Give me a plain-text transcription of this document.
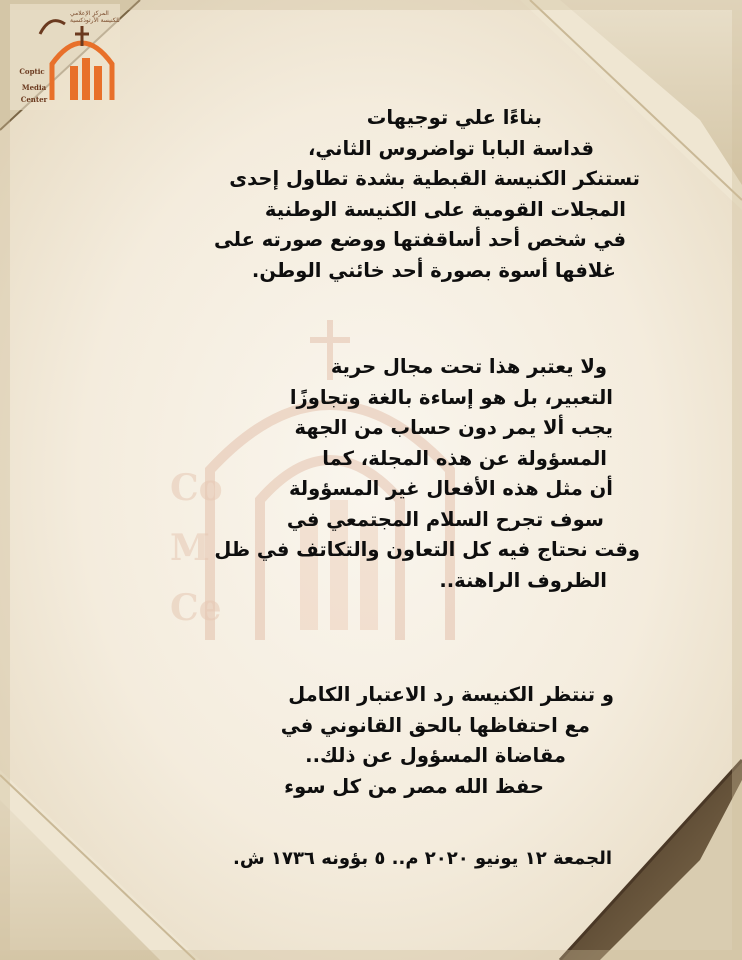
Co
M
Ce
المركز الإعلامي للكنيسة الأرثوذكسية
Coptic
Media
Center
بناءًا علي توجيهات
قداسة البابا تواضروس الثاني،
تستنكر الكنيسة القبطية بشدة تطاول إحدى
المجلات القومية على الكنيسة الوطنية
في شخص أحد أساقفتها ووضع صورته على
غلافها أسوة بصورة أحد خائني الوطن.
ولا يعتبر هذا تحت مجال حرية
التعبير، بل هو إساءة بالغة وتجاوزًا
يجب ألا يمر دون حساب من الجهة
المسؤولة عن هذه المجلة، كما
أن مثل هذه الأفعال غير المسؤولة
سوف تجرح السلام المجتمعي في
وقت نحتاج فيه كل التعاون والتكاتف في ظل
الظروف الراهنة..
و تنتظر الكنيسة رد الاعتبار الكامل
مع احتفاظها بالحق القانوني في
مقاضاة المسؤول عن ذلك..
حفظ الله مصر من كل سوء
الجمعة ١٢ يونيو ٢٠٢٠ م.. ٥ بؤونه ١٧٣٦ ش.
